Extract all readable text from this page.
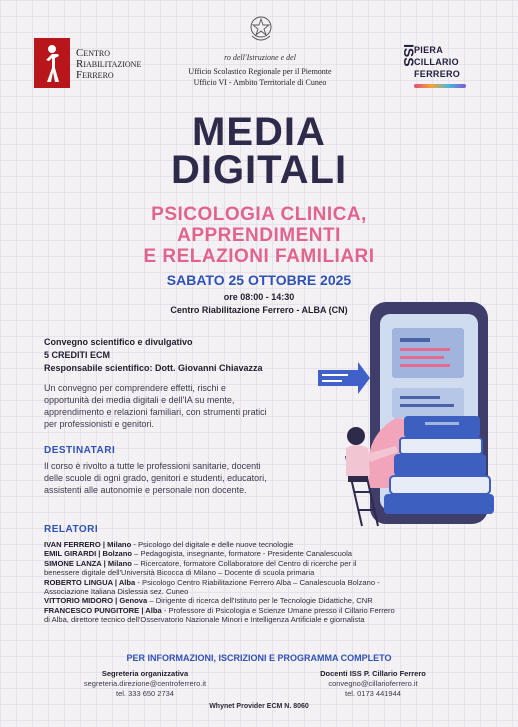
Centro
Riabilitazione
Ferrero
ro dell'Istruzione e del
Ufficio Scolastico Regionale per il Piemonte
Ufficio VI - Ambito Territoriale di Cuneo
ISS
PIERA
CILLARIO
FERRERO
MEDIA
DIGITALI
PSICOLOGIA CLINICA,
APPRENDIMENTI
E RELAZIONI FAMILIARI
SABATO 25 OTTOBRE 2025
ore 08:00 - 14:30
Centro Riabilitazione Ferrero - ALBA (CN)
Convegno scientifico e divulgativo
5 CREDITI ECM
Responsabile scientifico: Dott. Giovanni Chiavazza
Un convegno per comprendere effetti, rischi e
opportunità dei media digitali e dell'IA su mente,
apprendimento e relazioni familiari, con strumenti pratici
per professionisti e genitori.
DESTINATARI
Il corso è rivolto a tutte le professioni sanitarie, docenti
delle scuole di ogni grado, genitori e studenti, educatori,
assistenti alle autonomie e personale non docente.
RELATORI
IVAN FERRERO | Milano - Psicologo del digitale e delle nuove tecnologie
EMIL GIRARDI | Bolzano – Pedagogista, insegnante, formatore - Presidente Canalescuola
SIMONE LANZA | Milano – Ricercatore, formatore Collaboratore del Centro di ricerche per il
benessere digitale dell'Università Bicocca di Milano – Docente di scuola primaria
ROBERTO LINGUA | Alba - Psicologo Centro Riabilitazione Ferrero Alba – Canalescuola Bolzano -
Associazione Italiana Dislessia sez. Cuneo
VITTORIO MIDORO | Genova – Dirigente di ricerca dell'Istituto per le Tecnologie Didattiche, CNR
FRANCESCO PUNGITORE | Alba - Professore di Psicologia e Scienze Umane presso il Cillario Ferrero
di Alba, direttore tecnico dell'Osservatorio Nazionale Minori e Intelligenza Artificiale e giornalista
PER INFORMAZIONI, ISCRIZIONI E PROGRAMMA COMPLETO
Segreteria organizzativa
segreteria.direzione@centroferrero.it
tel. 333 650 2734
Docenti ISS P. Cillario Ferrero
convegno@cillarioferrero.it
tel. 0173 441944
Whynet Provider ECM N. 8060
